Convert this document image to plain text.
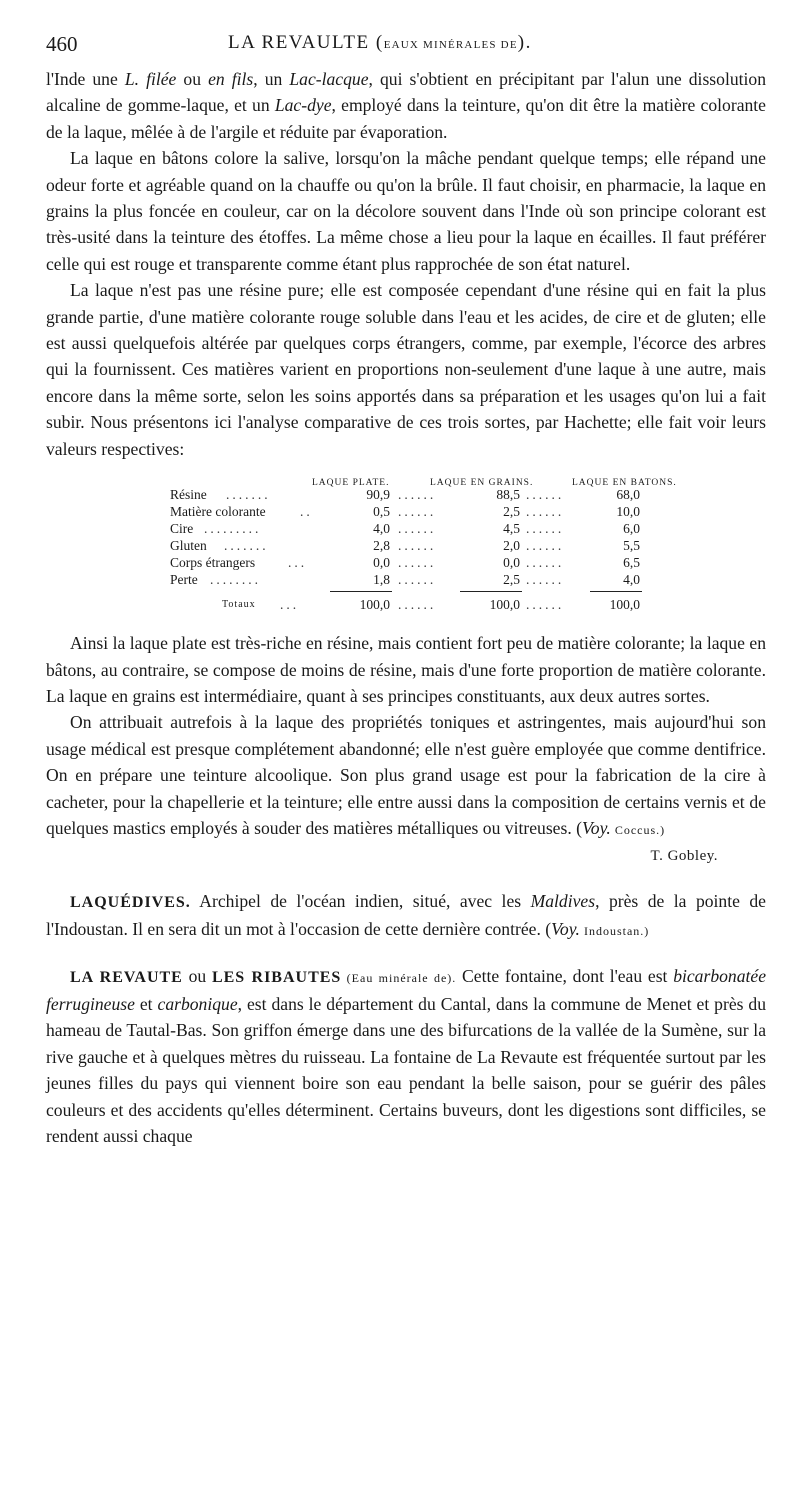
460	LA REVAULTE (EAUX MINÉRALES DE).

l'Inde une L. filée ou en fils, un Lac-lacque, qui s'obtient en précipitant par l'alun une dissolution alcaline de gomme-laque, et un Lac-dye, employé dans la teinture, qu'on dit être la matière colorante de la laque, mêlée à de l'argile et réduite par évaporation.

La laque en bâtons colore la salive, lorsqu'on la mâche pendant quelque temps; elle répand une odeur forte et agréable quand on la chauffe ou qu'on la brûle. Il faut choisir, en pharmacie, la laque en grains la plus foncée en couleur, car on la décolore souvent dans l'Inde où son principe colorant est très-usité dans la teinture des étoffes. La même chose a lieu pour la laque en écailles. Il faut préférer celle qui est rouge et transparente comme étant plus rapprochée de son état naturel.

La laque n'est pas une résine pure; elle est composée cependant d'une résine qui en fait la plus grande partie, d'une matière colorante rouge soluble dans l'eau et les acides, de cire et de gluten; elle est aussi quelquefois altérée par quelques corps étrangers, comme, par exemple, l'écorce des arbres qui la fournissent. Ces matières varient en proportions non-seulement d'une laque à une autre, mais encore dans la même sorte, selon les soins apportés dans sa préparation et les usages qu'on lui a fait subir. Nous présentons ici l'analyse comparative de ces trois sortes, par Hachette; elle fait voir leurs valeurs respectives:

LAQUE PLATE.	LAQUE EN GRAINS.	LAQUE EN BATONS.
Résine .......	90,9 ......	88,5 ......	68,0
Matière colorante	..	0,5 ......	2,5 ......	10,0
Cire .........	4,0 ......	4,5 ......	6,0
Gluten .......	2,8 ......	2,0 ......	5,5
Corps étrangers ...	0,0 ......	0,0 ......	6,5
Perte ........	1,8 ......	2,5 ......	4,0
Totaux ...	100,0 ......	100,0 ......	100,0

Ainsi la laque plate est très-riche en résine, mais contient fort peu de matière colorante; la laque en bâtons, au contraire, se compose de moins de résine, mais d'une forte proportion de matière colorante. La laque en grains est intermédiaire, quant à ses principes constituants, aux deux autres sortes.

On attribuait autrefois à la laque des propriétés toniques et astringentes, mais aujourd'hui son usage médical est presque complétement abandonné; elle n'est guère employée que comme dentifrice. On en prépare une teinture alcoolique. Son plus grand usage est pour la fabrication de la cire à cacheter, pour la chapellerie et la teinture; elle entre aussi dans la composition de certains vernis et de quelques mastics employés à souder des matières métalliques ou vitreuses. (Voy. Coccus.)

T. Gobley.

LAQUÉDIVES. Archipel de l'océan indien, situé, avec les Maldives, près de la pointe de l'Indoustan. Il en sera dit un mot à l'occasion de cette dernière contrée. (Voy. Indoustan.)

LA REVAUTE ou LES RIBAUTES (Eau minérale de). Cette fontaine, dont l'eau est bicarbonatée ferrugineuse et carbonique, est dans le département du Cantal, dans la commune de Menet et près du hameau de Tautal-Bas. Son griffon émerge dans une des bifurcations de la vallée de la Sumène, sur la rive gauche et à quelques mètres du ruisseau. La fontaine de La Revaute est fréquentée surtout par les jeunes filles du pays qui viennent boire son eau pendant la belle saison, pour se guérir des pâles couleurs et des accidents qu'elles déterminent. Certains buveurs, dont les digestions sont difficiles, se rendent aussi chaque
